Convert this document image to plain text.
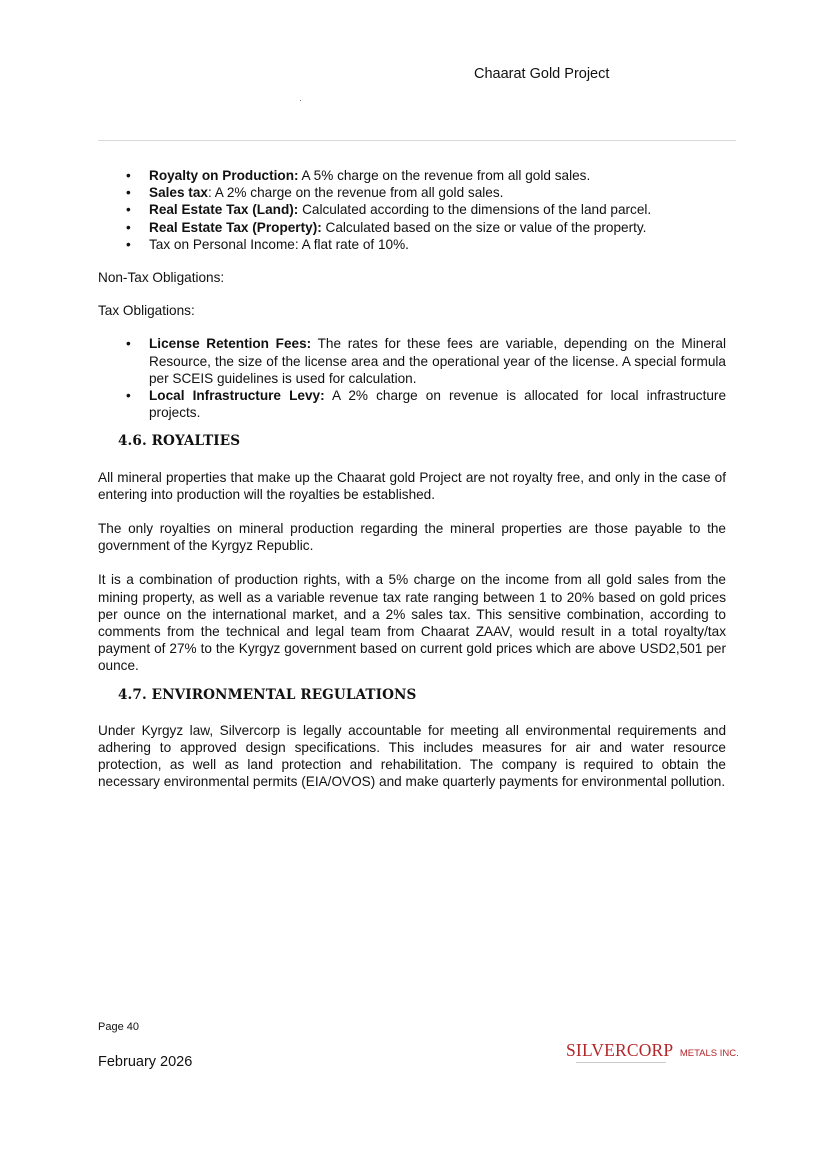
Chaarat Gold Project
• Royalty on Production: A 5% charge on the revenue from all gold sales.
• Sales tax: A 2% charge on the revenue from all gold sales.
• Real Estate Tax (Land): Calculated according to the dimensions of the land parcel.
• Real Estate Tax (Property): Calculated based on the size or value of the property.
• Tax on Personal Income: A flat rate of 10%.

Non-Tax Obligations:

Tax Obligations:

• License Retention Fees: The rates for these fees are variable, depending on the Mineral Resource, the size of the license area and the operational year of the license. A special formula per SCEIS guidelines is used for calculation.
• Local Infrastructure Levy: A 2% charge on revenue is allocated for local infrastructure projects.
4.6. ROYALTIES

All mineral properties that make up the Chaarat gold Project are not royalty free, and only in the case of entering into production will the royalties be established.

The only royalties on mineral production regarding the mineral properties are those payable to the government of the Kyrgyz Republic.

It is a combination of production rights, with a 5% charge on the income from all gold sales from the mining property, as well as a variable revenue tax rate ranging between 1 to 20% based on gold prices per ounce on the international market, and a 2% sales tax. This sensitive combination, according to comments from the technical and legal team from Chaarat ZAAV, would result in a total royalty/tax payment of 27% to the Kyrgyz government based on current gold prices which are above USD2,501 per ounce.

4.7. ENVIRONMENTAL REGULATIONS

Under Kyrgyz law, Silvercorp is legally accountable for meeting all environmental requirements and adhering to approved design specifications. This includes measures for air and water resource protection, as well as land protection and rehabilitation. The company is required to obtain the necessary environmental permits (EIA/OVOS) and make quarterly payments for environmental pollution.

Page 40
February 2026
SILVERCORP METALS INC.
